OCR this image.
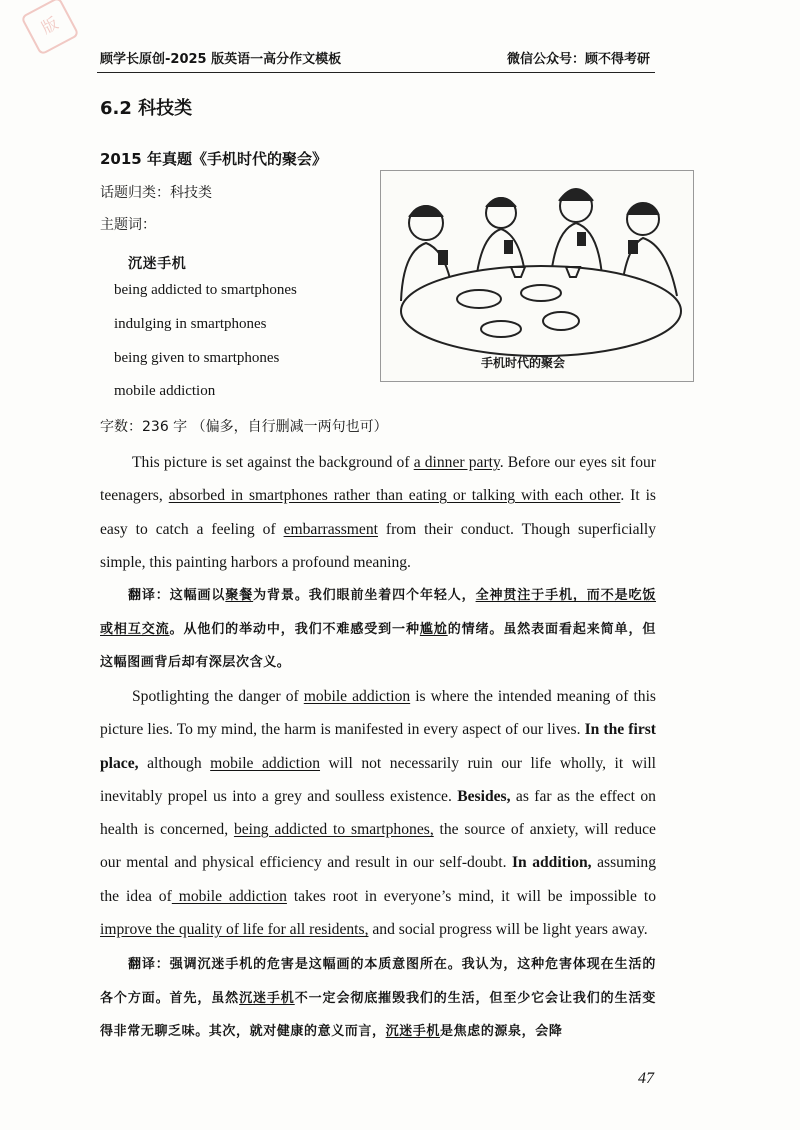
版
顾学长原创-2025 版英语一高分作文模板	微信公众号：顾不得考研
6.2 科技类
2015 年真题《手机时代的聚会》
话题归类：科技类
主题词：
沉迷手机
being addicted to smartphones
indulging in smartphones
being given to smartphones
mobile addiction
手机时代的聚会
字数：236 字 （偏多，自行删减一两句也可）
This picture is set against the background of a dinner party. Before our eyes sit four teenagers, absorbed in smartphones rather than eating or talking with each other. It is easy to catch a feeling of embarrassment from their conduct. Though superficially simple, this painting harbors a profound meaning.
翻译：这幅画以聚餐为背景。我们眼前坐着四个年轻人，全神贯注于手机，而不是吃饭或相互交流。从他们的举动中，我们不难感受到一种尴尬的情绪。虽然表面看起来简单，但这幅图画背后却有深层次含义。
Spotlighting the danger of mobile addiction is where the intended meaning of this picture lies. To my mind, the harm is manifested in every aspect of our lives. In the first place, although mobile addiction will not necessarily ruin our life wholly, it will inevitably propel us into a grey and soulless existence. Besides, as far as the effect on health is concerned, being addicted to smartphones, the source of anxiety, will reduce our mental and physical efficiency and result in our self-doubt. In addition, assuming the idea of mobile addiction takes root in everyone’s mind, it will be impossible to improve the quality of life for all residents, and social progress will be light years away.
翻译：强调沉迷手机的危害是这幅画的本质意图所在。我认为，这种危害体现在生活的各个方面。首先，虽然沉迷手机不一定会彻底摧毁我们的生活，但至少它会让我们的生活变得非常无聊乏味。其次，就对健康的意义而言，沉迷手机是焦虑的源泉，会降
47
